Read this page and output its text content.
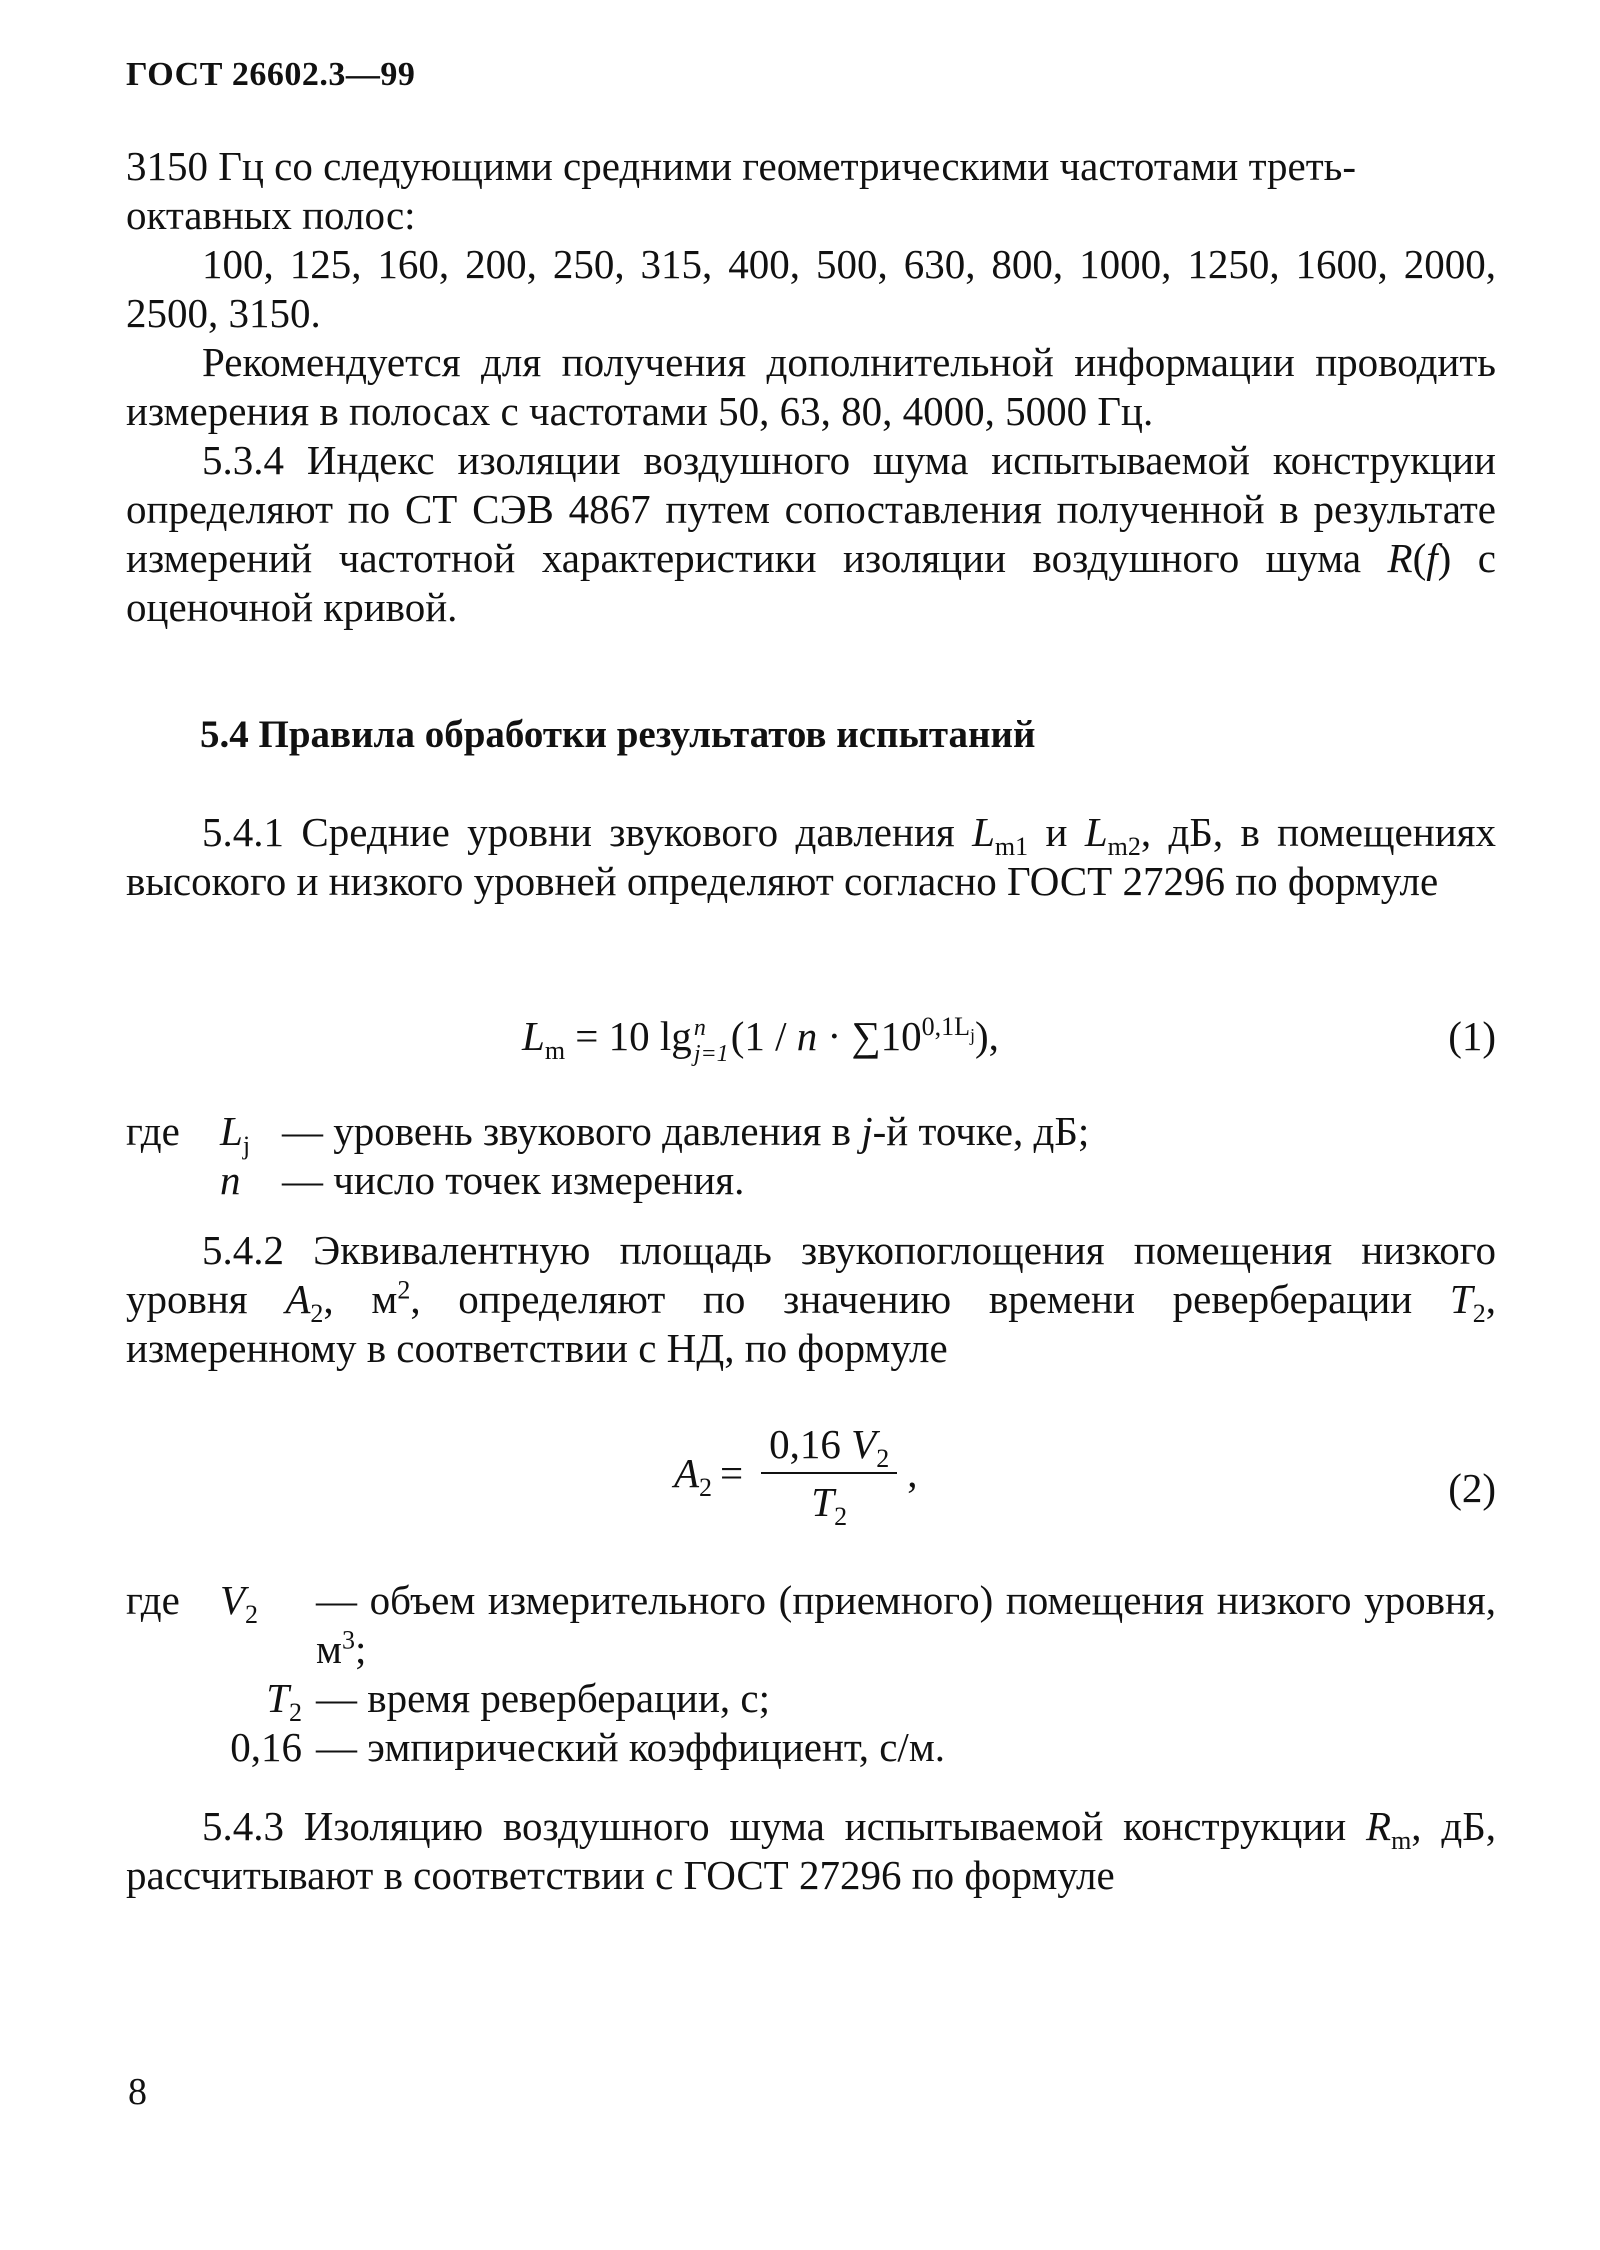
ГОСТ 26602.3—99

3150 Гц со следующими средними геометрическими частотами треть-
октавных полос:

100, 125, 160, 200, 250, 315, 400, 500, 630, 800, 1000, 1250, 1600, 2000, 2500, 3150.

Рекомендуется для получения дополнительной информации проводить измерения в полосах с частотами 50, 63, 80, 4000, 5000 Гц.

5.3.4 Индекс изоляции воздушного шума испытываемой конструкции определяют по СТ СЭВ 4867 путем сопоставления полученной в результате измерений частотной характеристики изоляции воздушного шума R(f) с оценочной кривой.

5.4 Правила обработки результатов испытаний

5.4.1 Средние уровни звукового давления $L_{m1}$ и $L_{m2}$, дБ, в помещениях высокого и низкого уровней определяют согласно ГОСТ 27296 по формуле

$L_m = 10$ lg n
j=1 $(1 / n \cdot \sum 10^{0,1L_j})$,	(1)
где $L_j$ — уровень звукового давления в j-й точке, дБ;
n	— число точек измерения.

5.4.2 Эквивалентную площадь звукопоглощения помещения низкого уровня $A_2$, $м^2$, определяют по значению времени реверберации $T_2$, измеренному в соответствии с НД, по формуле

$A_2 = \frac{0,16 V_2}{T_2}$ ,	(2)
где $V_2$	— объем измерительного (приемного) помещения низкого уровня, $м^3$;
$T_2$ — время реверберации, с;
0,16 — эмпирический коэффициент, с/м.

5.4.3 Изоляцию воздушного шума испытываемой конструкции $R_m$, дБ, рассчитывают в соответствии с ГОСТ 27296 по формуле

8
